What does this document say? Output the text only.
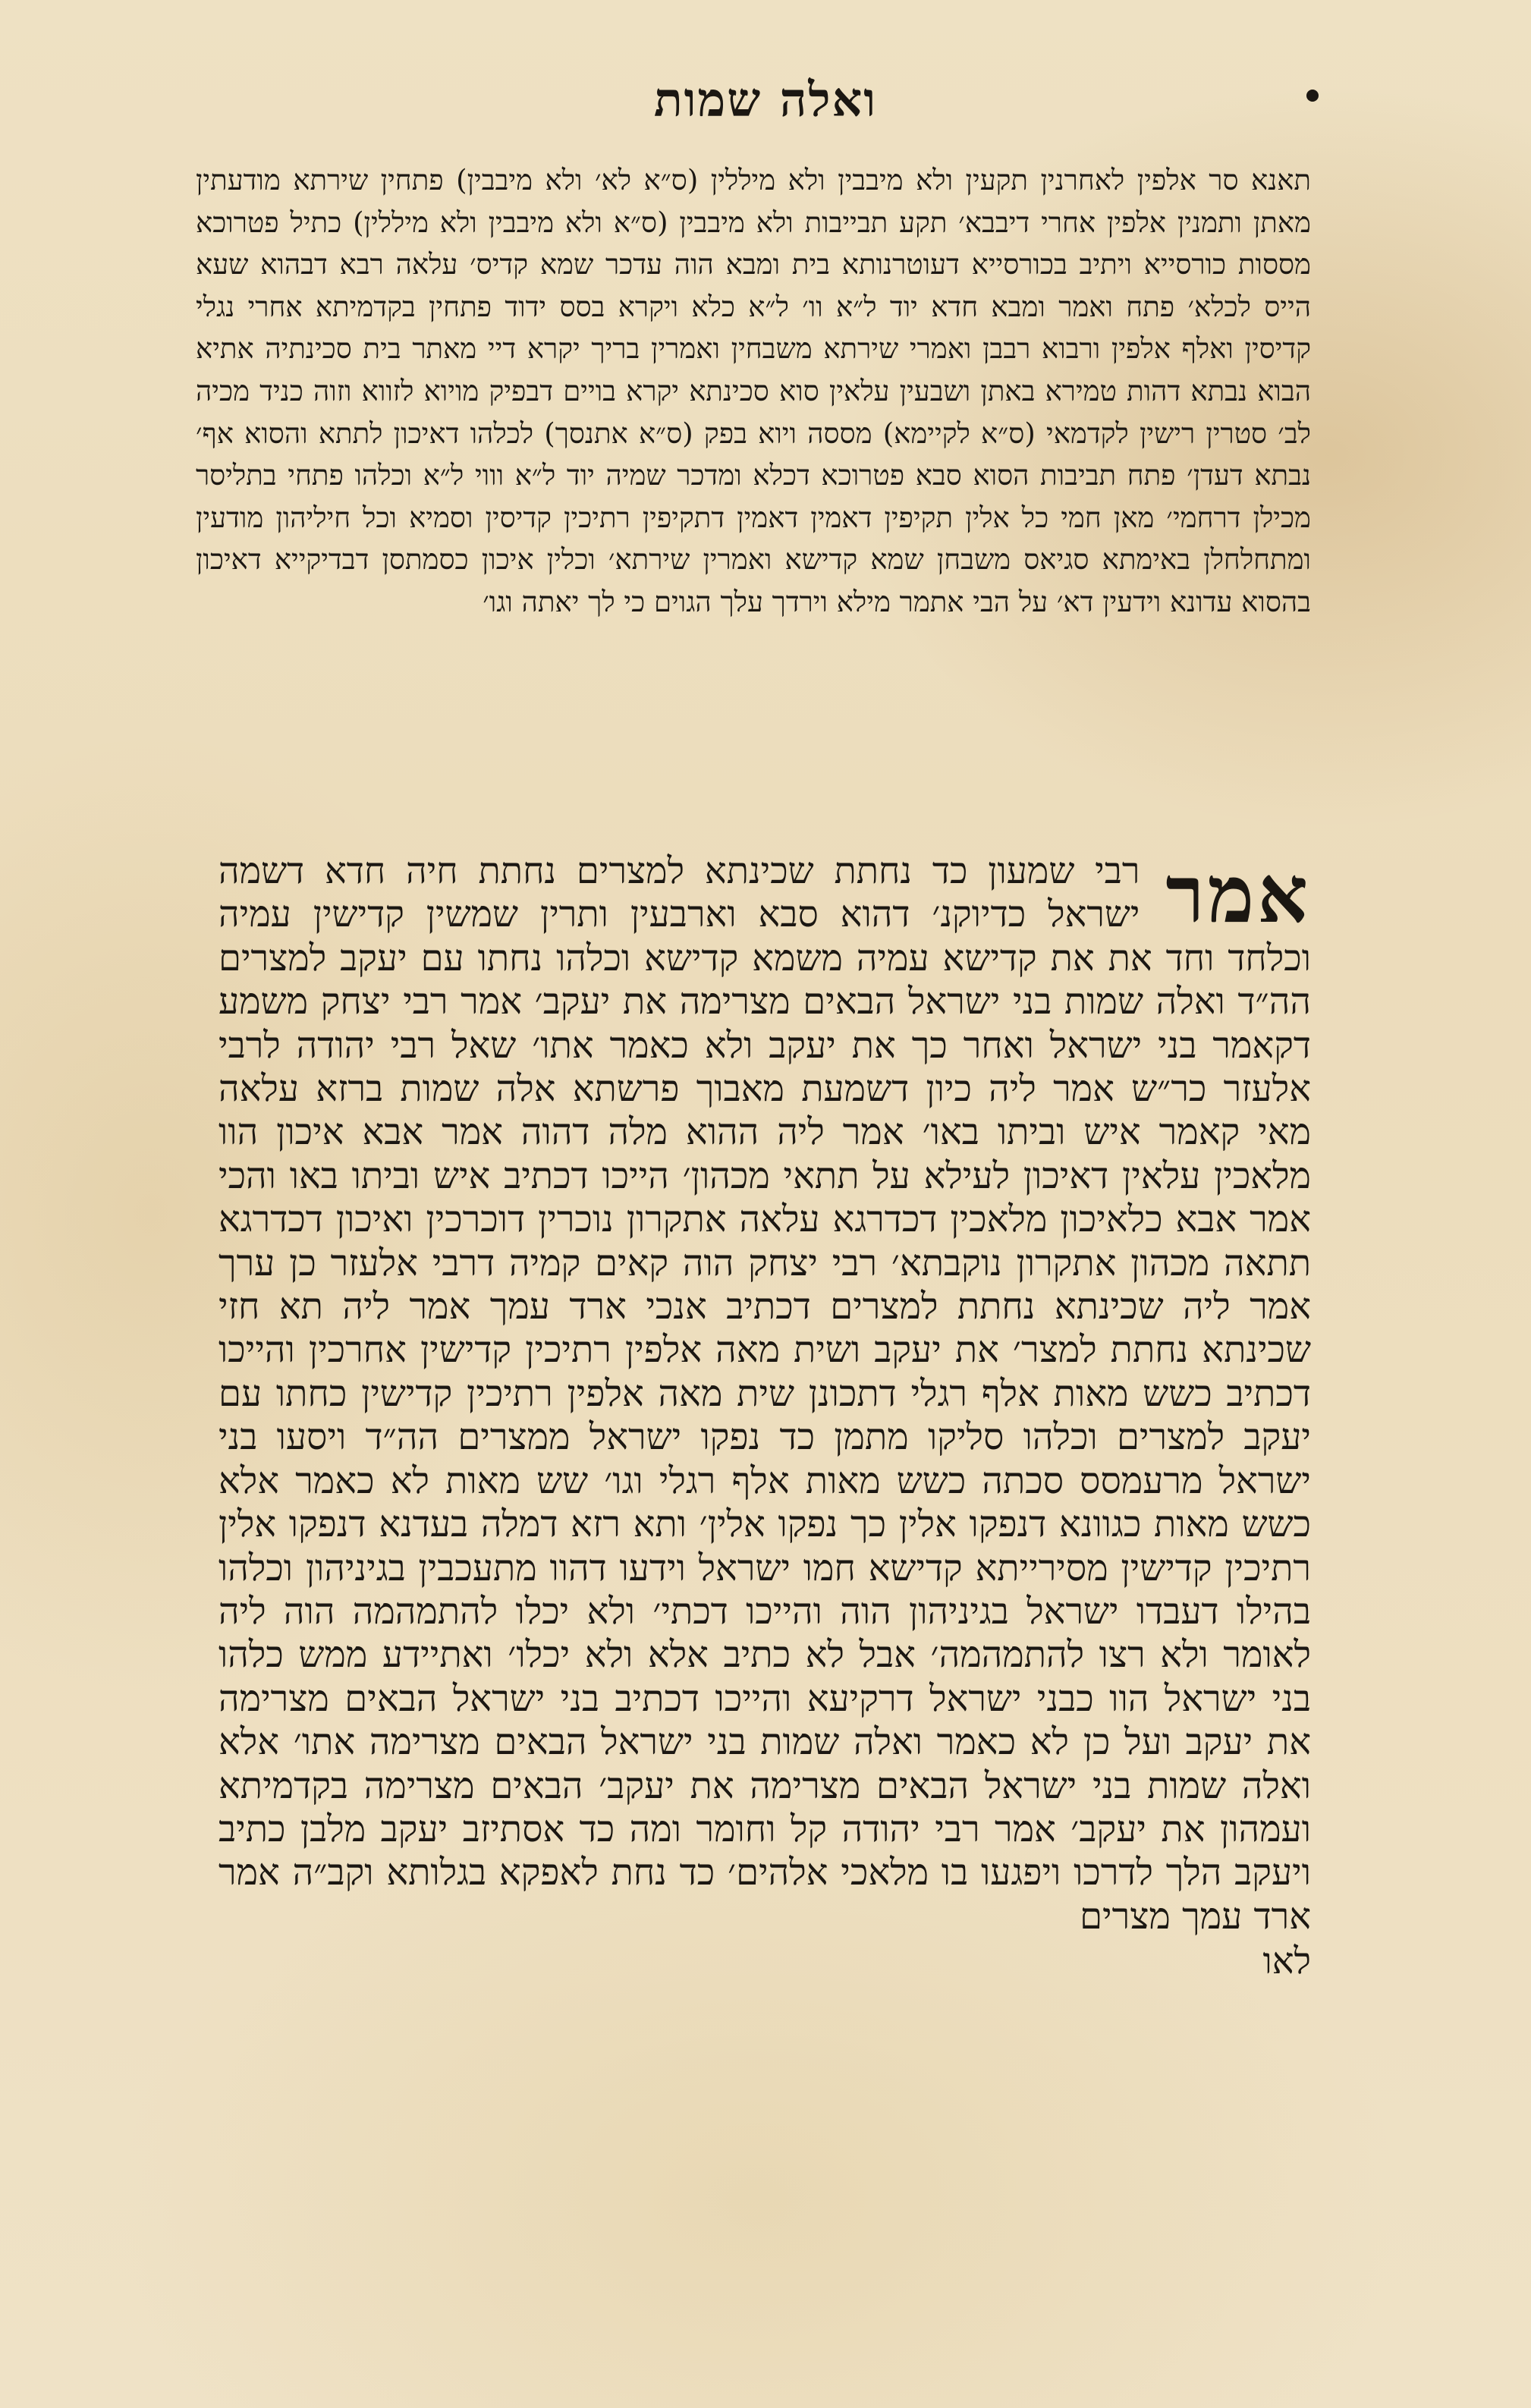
ואלה שמות

תאנא סר אלפין לאחרנין תקעין ולא מיבבין ולא מיללין (ס״א לא׳ ולא מיבבין) פתחין שירתא מודעתין מאתן ותמנין אלפין אחרי דיבבא׳ תקע תבייבות ולא מיבבין (ס״א ולא מיבבין ולא מיללין) כתיל פטרוכא מססות כורסייא ויתיב בכורסייא דעוטרנותא בית ומבא הוה עדכר שמא קדיס׳ עלאה רבא דבהוא שעא הייס לכלא׳ פתח ואמר ומבא חדא יוד ל״א וו׳ ל״א כלא ויקרא בסס ידוד פתחין בקדמיתא אחרי נגלי קדיסין ואלף אלפין ורבוא רבבן ואמרי שירתא משבחין ואמרין בריך יקרא דיי מאתר בית סכינתיה אתיא הבוא נבתא דהות טמירא באתן ושבעין עלאין סוא סכינתא יקרא בויים דבפיק מויוא לזווא וזוה כניד מכיה לב׳ סטרין רישין לקדמאי (ס״א לקיימא) מססה ויוא בפק (ס״א אתנסך) לכלהו דאיכון לתתא והסוא אף׳ נבתא דעדן׳ פתח תביבות הסוא סבא פטרוכא דכלא ומדכר שמיה יוד ל״א וווי ל״א וכלהו פתחי בתליסר מכילן דרחמי׳ מאן חמי כל אלין תקיפין דאמין דאמין דתקיפין רתיכין קדיסין וסמיא וכל חיליהון מודעין ומתחלחלן באימתא סגיאס משבחן שמא קדישא ואמרין שירתא׳ וכלין איכון כסמתסן דבדיקייא דאיכון בהסוא עדונא וידעין דא׳ על הבי אתמר מילא וירדך עלך הגוים כי לך יאתה וגו׳

אמר

רבי שמעון כד נחתת שכינתא למצרים נחתת חיה חדא דשמה ישראל כדיוקנ׳ דהוא סבא וארבעין ותרין שמשין קדישין עמיה וכלחד וחד את את קדישא עמיה משמא קדישא וכלהו נחתו עם יעקב למצרים הה״ד ואלה שמות בני ישראל הבאים מצרימה את יעקב׳ אמר רבי יצחק משמע דקאמר בני ישראל ואחר כך את יעקב ולא כאמר אתו׳ שאל רבי יהודה לרבי אלעזר כר״ש אמר ליה כיון דשמעת מאבוך פרשתא אלה שמות ברזא עלאה מאי קאמר איש וביתו באו׳ אמר ליה ההוא מלה דהוה אמר אבא איכון הוו מלאכין עלאין דאיכון לעילא על תתאי מכהון׳ הייכו דכתיב איש וביתו באו והכי אמר אבא כלאיכון מלאכין דכדרגא עלאה אתקרון נוכרין דוכרכין ואיכון דכדרגא תתאה מכהון אתקרון נוקבתא׳ רבי יצחק הוה קאים קמיה דרבי אלעזר כן ערך אמר ליה שכינתא נחתת למצרים דכתיב אנכי ארד עמך אמר ליה תא חזי שכינתא נחתת למצר׳ את יעקב ושית מאה אלפין רתיכין קדישין אחרכין והייכו דכתיב כשש מאות אלף רגלי דתכונן שית מאה אלפין רתיכין קדישין כחתו עם יעקב למצרים וכלהו סליקו מתמן כד נפקו ישראל ממצרים הה״ד ויסעו בני ישראל מרעמסס סכתה כשש מאות אלף רגלי וגו׳ שש מאות לא כאמר אלא כשש מאות כגוונא דנפקו אלין כך נפקו אלין׳ ותא רזא דמלה בעדנא דנפקו אלין רתיכין קדישין מסירייתא קדישא חמו ישראל וידעו דהוו מתעכבין בגיניהון וכלהו בהילו דעבדו ישראל בגיניהון הוה והייכו דכתי׳ ולא יכלו להתמהמה הוה ליה לאומר ולא רצו להתמהמה׳ אבל לא כתיב אלא ולא יכלו׳ ואתיידע ממש כלהו בני ישראל הוו כבני ישראל דרקיעא והייכו דכתיב בני ישראל הבאים מצרימה את יעקב ועל כן לא כאמר ואלה שמות בני ישראל הבאים מצרימה אתו׳ אלא ואלה שמות בני ישראל הבאים מצרימה את יעקב׳ הבאים מצרימה בקדמיתא ועמהון את יעקב׳ אמר רבי יהודה קל וחומר ומה כד אסתיזב יעקב מלבן כתיב ויעקב הלך לדרכו ויפגעו בו מלאכי אלהים׳ כד נחת לאפקא בגלותא וקב״ה אמר ארד עמך מצרים

לאו
